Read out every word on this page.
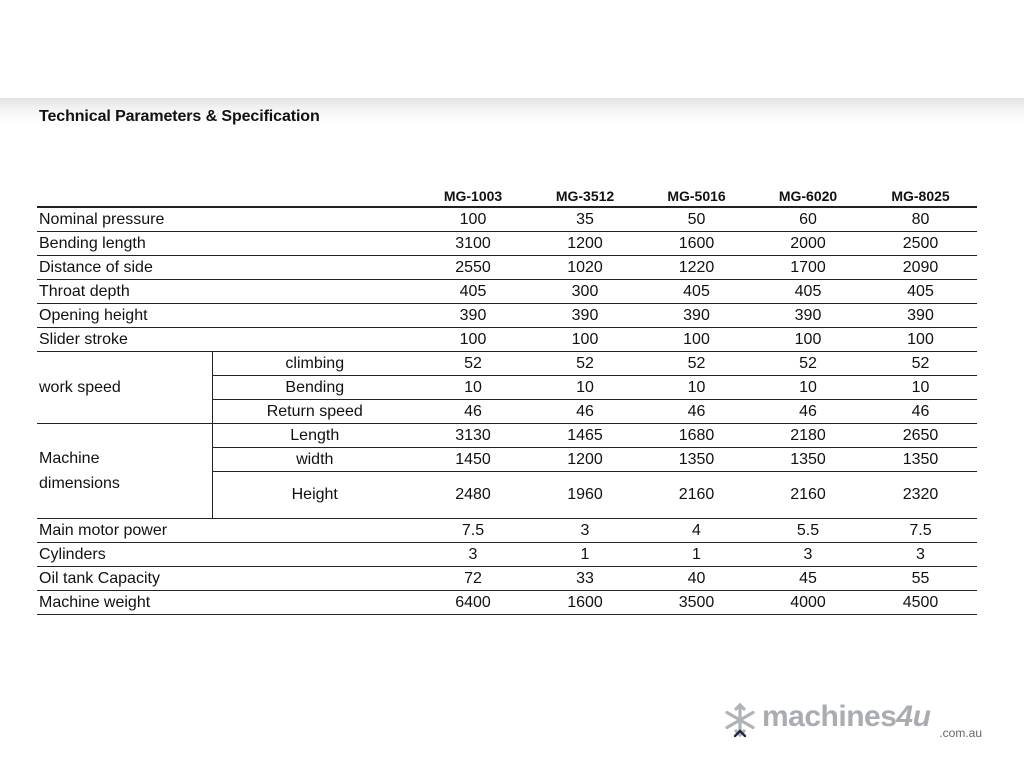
Technical Parameters & Specification
		MG-1003	MG-3512	MG-5016	MG-6020	MG-8025
Nominal pressure		100	35	50	60	80
Bending length		3100	1200	1600	2000	2500
Distance of side		2550	1020	1220	1700	2090
Throat depth		405	300	405	405	405
Opening height		390	390	390	390	390
Slider stroke		100	100	100	100	100
work speed	climbing	52	52	52	52	52
	Bending	10	10	10	10	10
	Return speed	46	46	46	46	46

Machine
dimensions	Length	3130	1465	1680	2180	2650
	width	1450	1200	1350	1350	1350
	Height	2480	1960	2160	2160	2320
Main motor power		7.5	3	4	5.5	7.5
Cylinders		3	1	1	3	3
Oil tank Capacity		72	33	40	45	55
Machine weight		6400	1600	3500	4000	4500
machines4u .com.au
